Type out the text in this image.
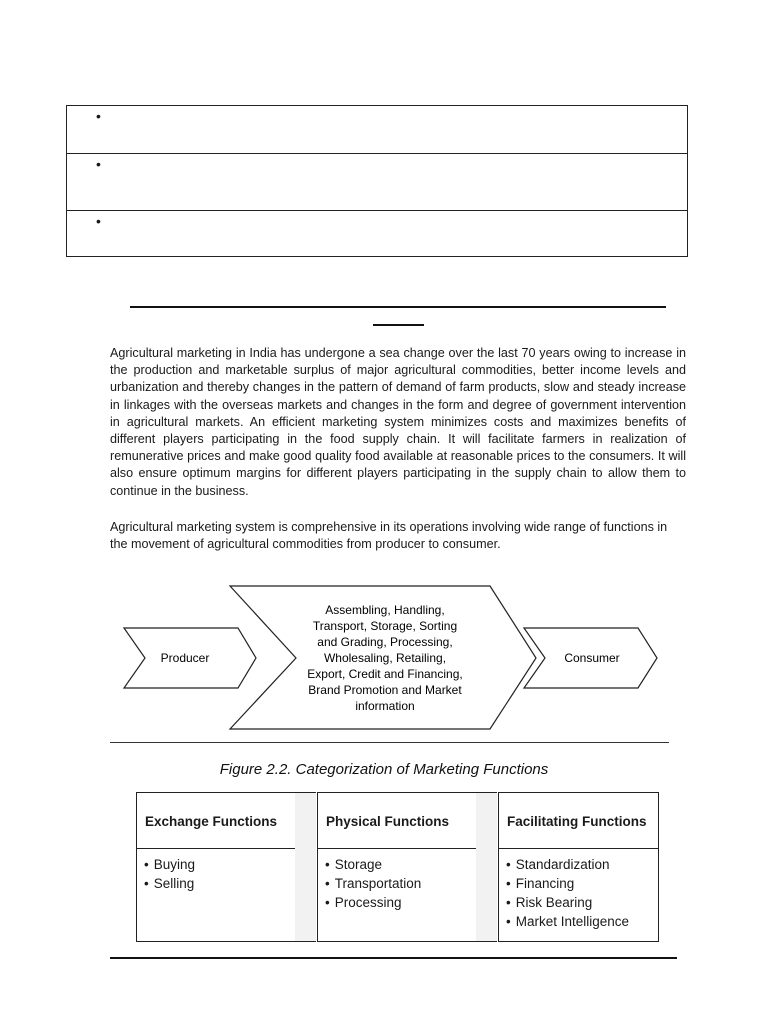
•
•
•

Agricultural marketing in India has undergone a sea change over the last 70 years owing to increase in the production and marketable surplus of major agricultural commodities, better income levels and urbanization and thereby changes in the pattern of demand of farm products, slow and steady increase in linkages with the overseas markets and changes in the form and degree of government intervention in agricultural markets. An efficient marketing system minimizes costs and maximizes benefits of different players participating in the food supply chain. It will facilitate farmers in realization of remunerative prices and make good quality food available at reasonable prices to the consumers. It will also ensure optimum margins for different players participating in the supply chain to allow them to continue in the business.

Agricultural marketing system is comprehensive in its operations involving wide range of functions in the movement of agricultural commodities from producer to consumer.

Producer
Assembling, Handling,
Transport, Storage, Sorting
and Grading, Processing,
Wholesaling, Retailing,
Export, Credit and Financing,
Brand Promotion and Market
information
Consumer
Figure 2.2. Categorization of Marketing Functions
Exchange Functions
• Buying
• Selling
Physical Functions
• Storage
• Transportation
• Processing
Facilitating Functions
• Standardization
• Financing
• Risk Bearing
• Market Intelligence
